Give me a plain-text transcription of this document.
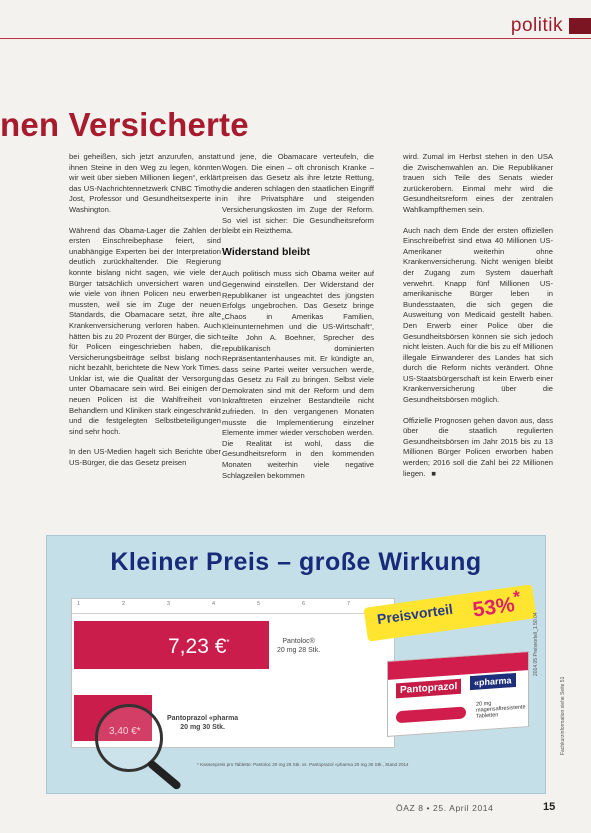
politik
nen Versicherte

bei geheißen, sich jetzt anzurufen, anstatt ihnen Steine in den Weg zu legen, könnten wir weit über sieben Millionen liegen“, erklärt das US-Nachrichtennetzwerk CNBC Timothy Jost, Professor und Gesundheitsexperte in Washington.

Während das Obama-Lager die Zahlen der ersten Einschreibephase feiert, sind unabhängige Experten bei der Interpretation deutlich zurückhaltender. Die Regierung konnte bislang nicht sagen, wie viele der Bürger tatsächlich unversichert waren und wie viele von ihnen Policen neu erwerben mussten, weil sie im Zuge der neuen Standards, die Obamacare setzt, ihre alte Krankenversicherung verloren haben. Auch hätten bis zu 20 Prozent der Bürger, die sich für Policen eingeschrieben haben, die Versicherungsbeiträge selbst bislang noch nicht bezahlt, berichtete die New York Times. Unklar ist, wie die Qualität der Versorgung unter Obamacare sein wird. Bei einigen der neuen Policen ist die Wahlfreiheit von Behandlern und Kliniken stark eingeschränkt und die festgelegten Selbstbeteiligungen sind sehr hoch.

In den US-Medien hagelt sich Berichte über US-Bürger, die das Gesetz preisen

und jene, die Obamacare verteufeln, die Wogen. Die einen – oft chronisch Kranke – preisen das Gesetz als ihre letzte Rettung, die anderen schlagen den staatlichen Eingriff in ihre Privatsphäre und steigenden Versicherungskosten im Zuge der Reform. So viel ist sicher: Die Gesundheitsreform bleibt ein Reizthema.

Widerstand bleibt

Auch politisch muss sich Obama weiter auf Gegenwind einstellen. Der Widerstand der Republikaner ist ungeachtet des jüngsten Erfolgs ungebrochen. Das Gesetz bringe „Chaos in Amerikas Familien, Kleinunternehmen und die US-Wirtschaft“, teilte John A. Boehner, Sprecher des republikanisch dominierten Repräsentantenhauses mit. Er kündigte an, dass seine Partei weiter versuchen werde, das Gesetz zu Fall zu bringen. Selbst viele Demokraten sind mit der Reform und dem Inkrafttreten einzelner Bestandteile nicht zufrieden. In den vergangenen Monaten musste die Implementierung einzelner Elemente immer wieder verschoben werden. Die Realität ist wohl, dass die Gesundheitsreform in den kommenden Monaten weiterhin viele negative Schlagzeilen bekommen

wird. Zumal im Herbst stehen in den USA die Zwischenwahlen an. Die Republikaner trauen sich Teile des Senats wieder zurückerobern. Einmal mehr wird die Gesundheitsreform eines der zentralen Wahlkampfthemen sein.

Auch nach dem Ende der ersten offiziellen Einschreibefrist sind etwa 40 Millionen US-Amerikaner weiterhin ohne Krankenversicherung. Nicht wenigen bleibt der Zugang zum System dauerhaft verwehrt. Knapp fünf Millionen US-amerikanische Bürger leben in Bundesstaaten, die sich gegen die Ausweitung von Medicaid gestellt haben. Den Erwerb einer Police über die Gesundheitsbörsen können sie sich jedoch nicht leisten. Auch für die bis zu elf Millionen illegale Einwanderer des Landes hat sich durch die Reform nichts verändert. Ohne US-Staatsbürgerschaft ist kein Erwerb einer Krankenversicherung über die Gesundheitsbörsen möglich.

Offizielle Prognosen gehen davon aus, dass über die staatlich regulierten Gesundheitsbörsen im Jahr 2015 bis zu 13 Millionen Bürger Policen erworben haben werden; 2016 soll die Zahl bei 22 Millionen liegen. ■

Kleiner Preis – große Wirkung
1	2	3	4	5	6	7
7,23 €*	Pantoloc®
20 mg 28 Stk.
Pantoprazol «pharma
20 mg 30 Stk.
3,40 €*
Preisvorteil 53%*
Pantoprazol	«pharma
20 mg magensaftresistente Tabletten
* Kassenpreis pro Tablette: Pantoloc 20 mg 28 Stk. vs. Pantoprazol «pharma 20 mg 30 Stk., Stand 2014
2014.05 Preisvorteil_1.50.04
Fachkurzinformation siehe Seite 51
ÖAZ 8 • 25. April 2014	15
